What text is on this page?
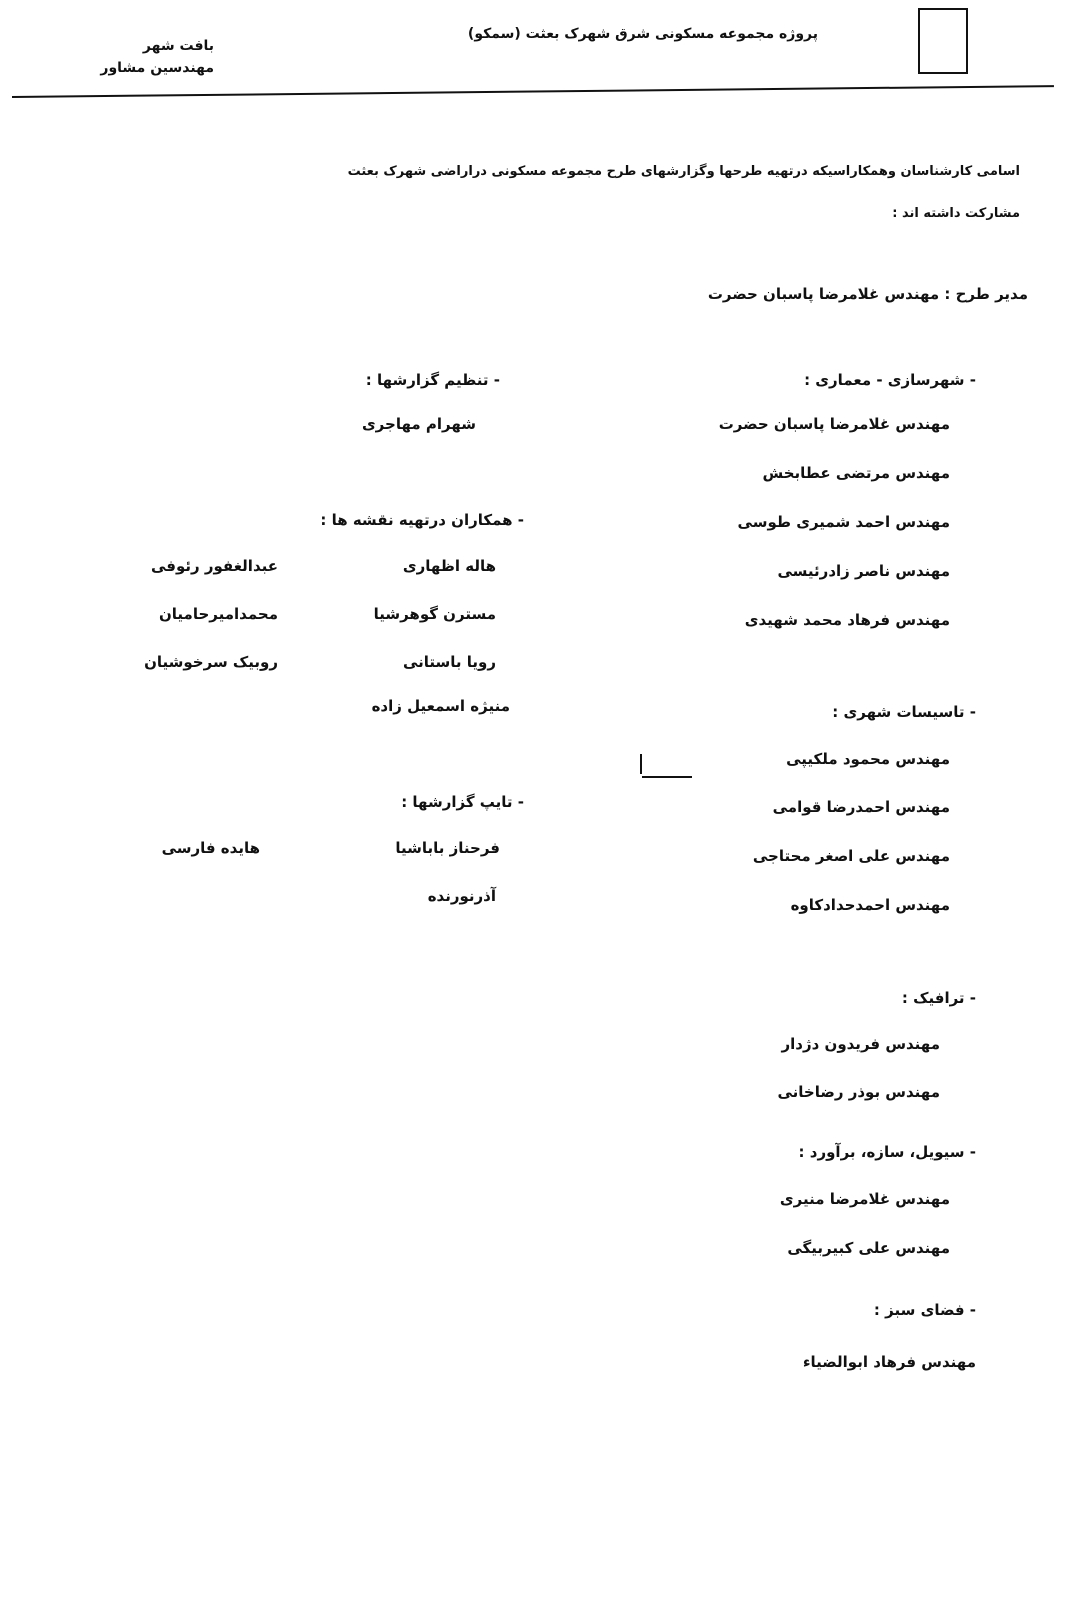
پروژه مجموعه مسکونی شرق شهرک بعثت (سمکو)
بافت شهر
مهندسین مشاور
اسامی کارشناسان وهمکاراسیکه درتهیه طرحها وگزارشهای طرح مجموعه مسکونی دراراضی شهرک بعثت
مشارکت داشته اند :
مدیر طرح : مهندس غلامرضا پاسبان حضرت
- شهرسازی - معماری :
مهندس غلامرضا پاسبان حضرت
مهندس مرتضی عطابخش
مهندس احمد شمیری طوسی
مهندس ناصر زادرئیسی
مهندس فرهاد محمد شهیدی
- تاسیسات شهری :
مهندس محمود ملکیپی
مهندس احمدرضا قوامی
مهندس علی اصغر محتاجی
مهندس احمدحدادکاوه
- ترافیک :
مهندس فریدون دژدار
مهندس بوذر رضاخانی
- سیویل، سازه، برآورد :
مهندس غلامرضا منیری
مهندس علی کبیربیگی
- فضای سبز :
مهندس فرهاد ابوالضیاء
- تنظیم گزارشها :
شهرام مهاجری
- همکاران درتهیه نقشه ها :
هاله اظهاری
عبدالغفور رئوفی
مسترن گوهرشیا
محمدامیرحامیان
رویا باستانی
روبیک سرخوشیان
منیژه اسمعیل زاده
- تایپ گزارشها :
فرحناز باباشیا
هایده فارسی
آذرنورنده
